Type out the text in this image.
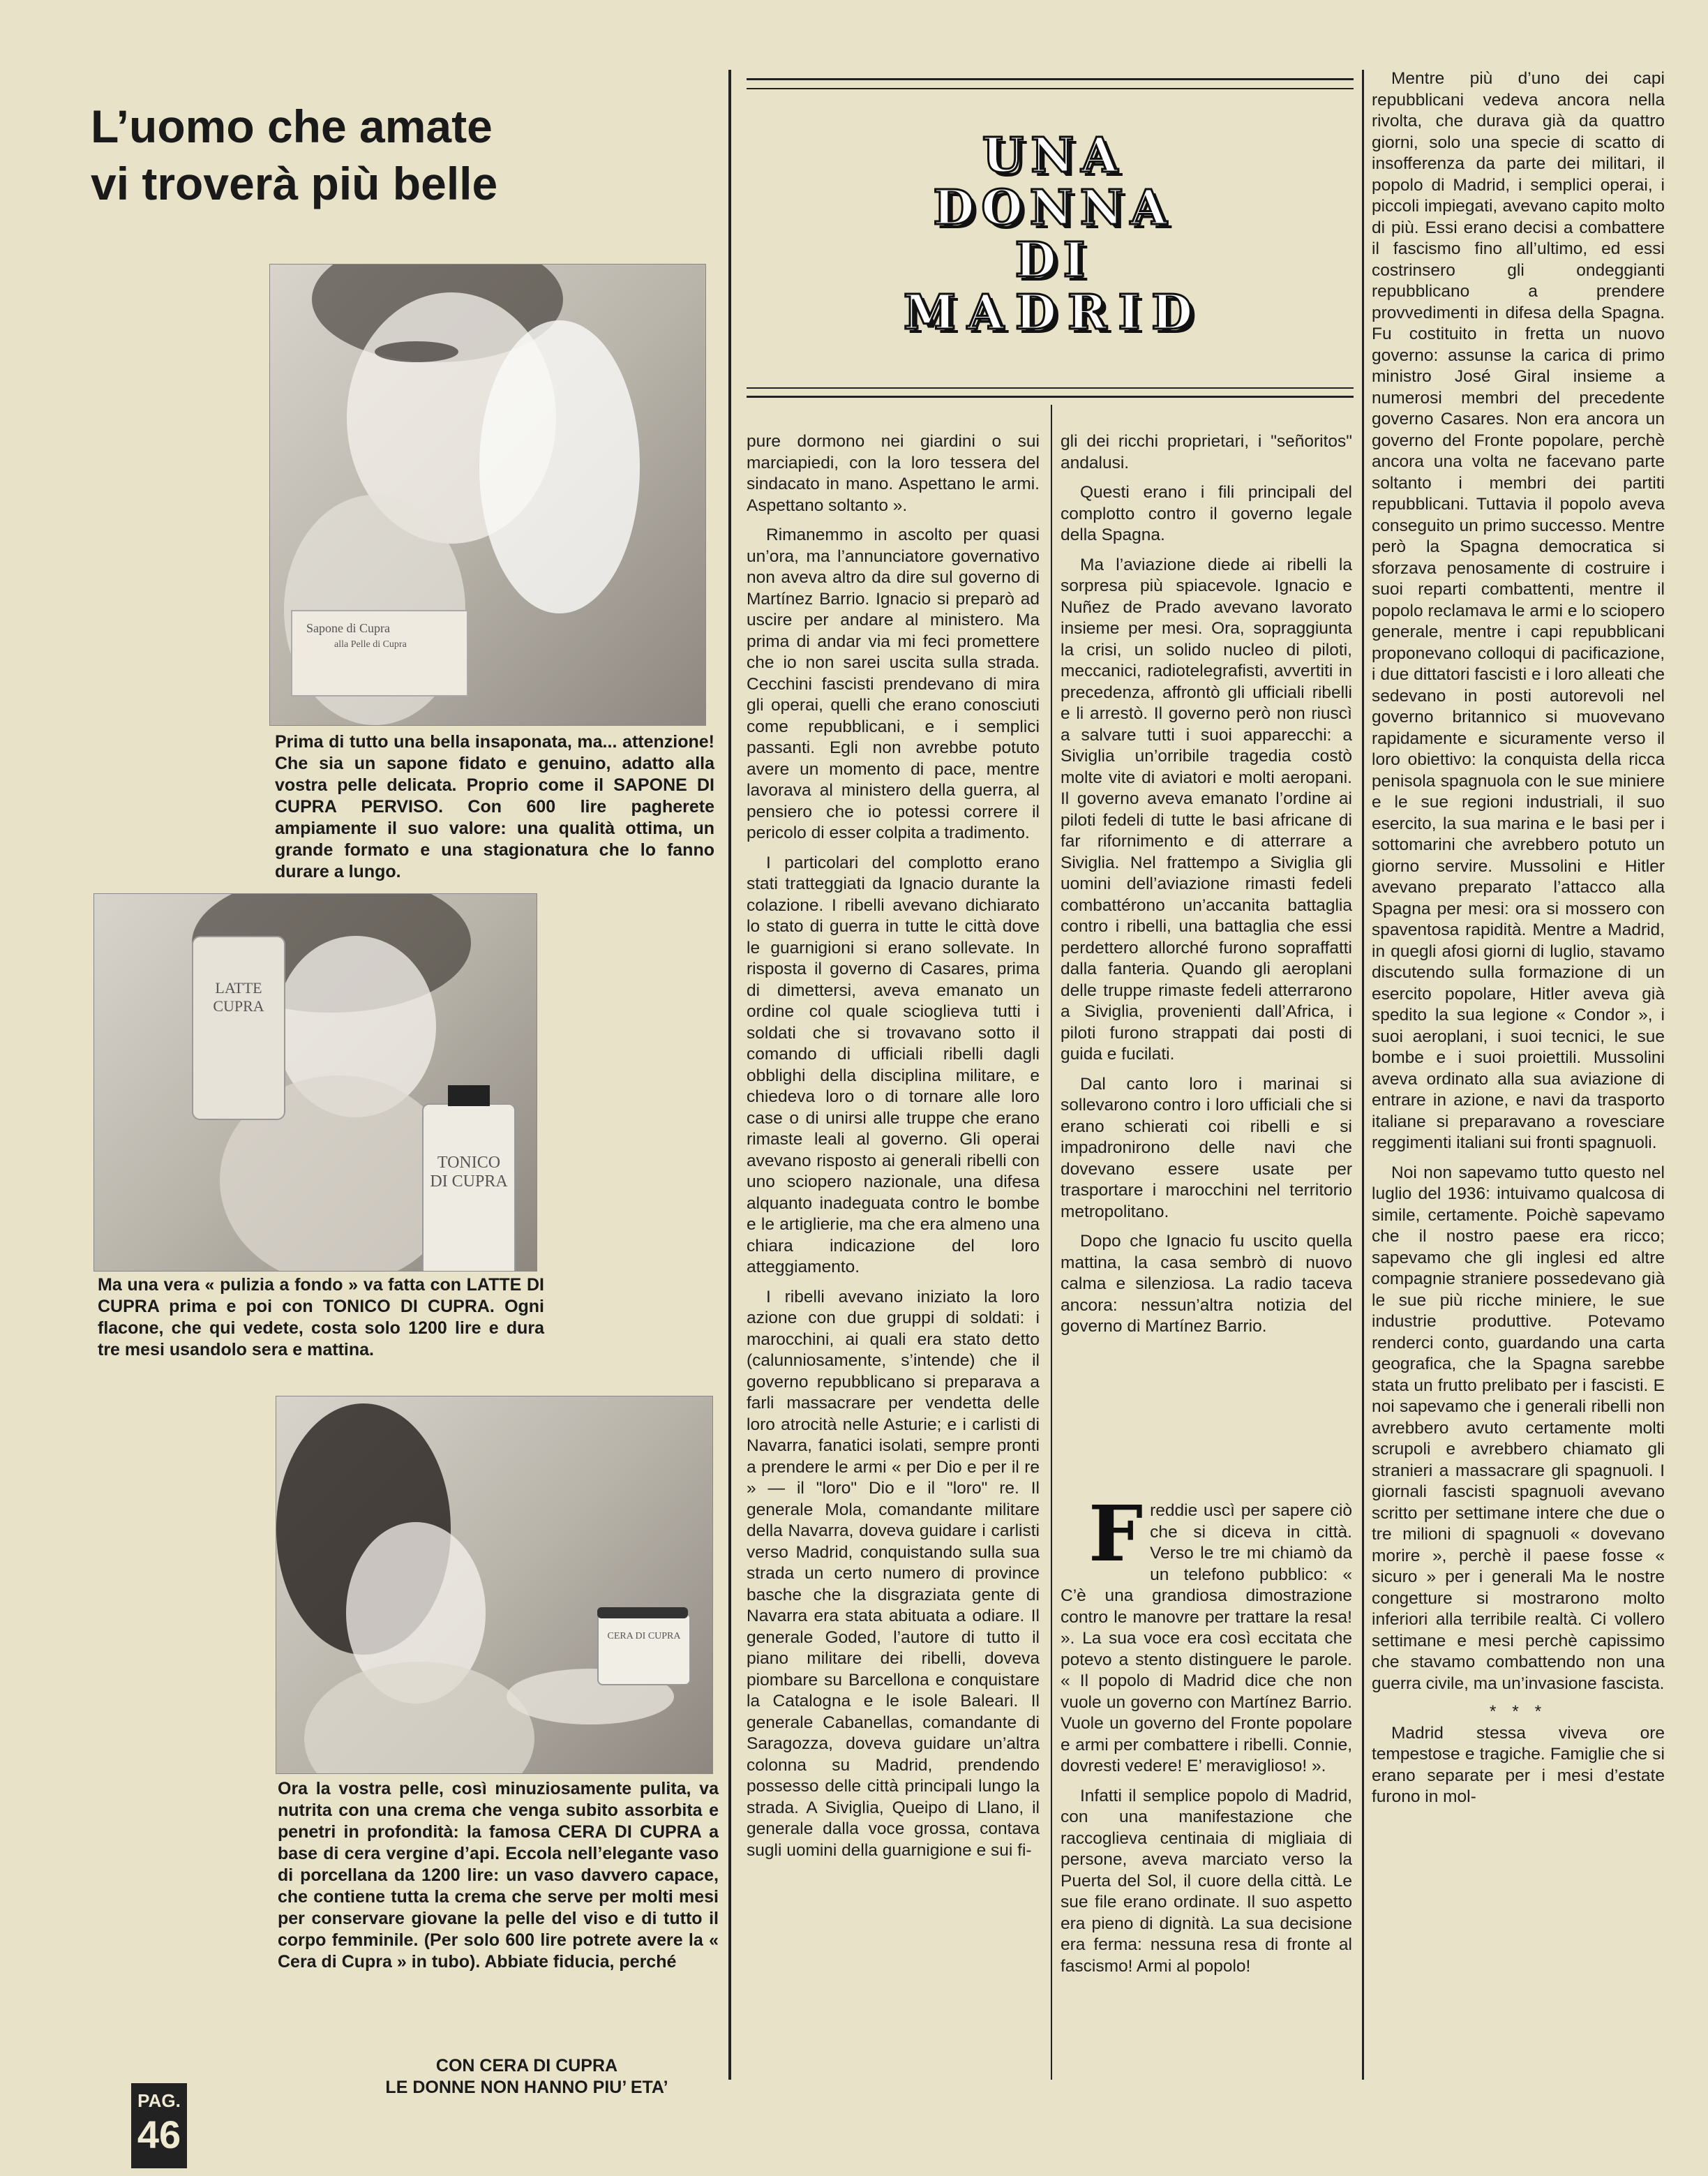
L’uomo che amate
vi troverà più belle
Sapone di Cupra
alla Pelle di Cupra

Prima di tutto una bella insaponata, ma... attenzione! Che sia un sapone fidato e genuino, adatto alla vostra pelle delicata. Proprio come il SAPONE DI CUPRA PERVISO. Con 600 lire pagherete ampiamente il suo valore: una qualità ottima, un grande formato e una stagionatura che lo fanno durare a lungo.

LATTE CUPRA
TONICO DI CUPRA

Ma una vera « pulizia a fondo » va fatta con LATTE DI CUPRA prima e poi con TONICO DI CUPRA. Ogni flacone, che qui vedete, costa solo 1200 lire e dura tre mesi usandolo sera e mattina.

CERA DI CUPRA

Ora la vostra pelle, così minuziosamente pulita, va nutrita con una crema che venga subito assorbita e penetri in profondità: la famosa CERA DI CUPRA a base di cera vergine d’api. Eccola nell’elegante vaso di porcellana da 1200 lire: un vaso davvero capace, che contiene tutta la crema che serve per molti mesi per conservare giovane la pelle del viso e di tutto il corpo femminile. (Per solo 600 lire potrete avere la « Cera di Cupra » in tubo). Abbiate fiducia, perché

CON CERA DI CUPRA
LE DONNE NON HANNO PIU’ ETA’
PAG.
46
UNA
DONNA
DI
MADRID

pure dormono nei giardini o sui marciapiedi, con la loro tessera del sindacato in mano. Aspettano le armi. Aspettano soltanto ».

Rimanemmo in ascolto per quasi un’ora, ma l’annunciatore governativo non aveva altro da dire sul governo di Martínez Barrio. Ignacio si preparò ad uscire per andare al ministero. Ma prima di andar via mi feci promettere che io non sarei uscita sulla strada. Cecchini fascisti prendevano di mira gli operai, quelli che erano conosciuti come repubblicani, e i semplici passanti. Egli non avrebbe potuto avere un momento di pace, mentre lavorava al ministero della guerra, al pensiero che io potessi correre il pericolo di esser colpita a tradimento.

I particolari del complotto erano stati tratteggiati da Ignacio durante la colazione. I ribelli avevano dichiarato lo stato di guerra in tutte le città dove le guarnigioni si erano sollevate. In risposta il governo di Casares, prima di dimettersi, aveva emanato un ordine col quale scioglieva tutti i soldati che si trovavano sotto il comando di ufficiali ribelli dagli obblighi della disciplina militare, e chiedeva loro o di tornare alle loro case o di unirsi alle truppe che erano rimaste leali al governo. Gli operai avevano risposto ai generali ribelli con uno sciopero nazionale, una difesa alquanto inadeguata contro le bombe e le artiglierie, ma che era almeno una chiara indicazione del loro atteggiamento.

I ribelli avevano iniziato la loro azione con due gruppi di soldati: i marocchini, ai quali era stato detto (calunniosamente, s’intende) che il governo repubblicano si preparava a farli massacrare per vendetta delle loro atrocità nelle Asturie; e i carlisti di Navarra, fanatici isolati, sempre pronti a prendere le armi « per Dio e per il re » — il "loro" Dio e il "loro" re. Il generale Mola, comandante militare della Navarra, doveva guidare i carlisti verso Madrid, conquistando sulla sua strada un certo numero di province basche che la disgraziata gente di Navarra era stata abituata a odiare. Il generale Goded, l’autore di tutto il piano militare dei ribelli, doveva piombare su Barcellona e conquistare la Catalogna e le isole Baleari. Il generale Cabanellas, comandante di Saragozza, doveva guidare un’altra colonna su Madrid, prendendo possesso delle città principali lungo la strada. A Siviglia, Queipo di Llano, il generale dalla voce grossa, contava sugli uomini della guarnigione e sui fi-

gli dei ricchi proprietari, i "señoritos" andalusi.

Questi erano i fili principali del complotto contro il governo legale della Spagna.

Ma l’aviazione diede ai ribelli la sorpresa più spiacevole. Ignacio e Nuñez de Prado avevano lavorato insieme per mesi. Ora, sopraggiunta la crisi, un solido nucleo di piloti, meccanici, radiotelegrafisti, avvertiti in precedenza, affrontò gli ufficiali ribelli e li arrestò. Il governo però non riuscì a salvare tutti i suoi apparecchi: a Siviglia un’orribile tragedia costò molte vite di aviatori e molti aeropani. Il governo aveva emanato l’ordine ai piloti fedeli di tutte le basi africane di far rifornimento e di atterrare a Siviglia. Nel frattempo a Siviglia gli uomini dell’aviazione rimasti fedeli combattérono un’accanita battaglia contro i ribelli, una battaglia che essi perdettero allorché furono sopraffatti dalla fanteria. Quando gli aeroplani delle truppe rimaste fedeli atterrarono a Siviglia, provenienti dall’Africa, i piloti furono strappati dai posti di guida e fucilati.

Dal canto loro i marinai si sollevarono contro i loro ufficiali che si erano schierati coi ribelli e si impadronirono delle navi che dovevano essere usate per trasportare i marocchini nel territorio metropolitano.

Dopo che Ignacio fu uscito quella mattina, la casa sembrò di nuovo calma e silenziosa. La radio taceva ancora: nessun’altra notizia del governo di Martínez Barrio.

Freddie uscì per sapere ciò che si diceva in città. Verso le tre mi chiamò da un telefono pubblico: « C’è una grandiosa dimostrazione contro le manovre per trattare la resa! ». La sua voce era così eccitata che potevo a stento distinguere le parole. « Il popolo di Madrid dice che non vuole un governo con Martínez Barrio. Vuole un governo del Fronte popolare e armi per combattere i ribelli. Connie, dovresti vedere! E’ meraviglioso! ».

Infatti il semplice popolo di Madrid, con una manifestazione che raccoglieva centinaia di migliaia di persone, aveva marciato verso la Puerta del Sol, il cuore della città. Le sue file erano ordinate. Il suo aspetto era pieno di dignità. La sua decisione era ferma: nessuna resa di fronte al fascismo! Armi al popolo!

Mentre più d’uno dei capi repubblicani vedeva ancora nella rivolta, che durava già da quattro giorni, solo una specie di scatto di insofferenza da parte dei militari, il popolo di Madrid, i semplici operai, i piccoli impiegati, avevano capito molto di più. Essi erano decisi a combattere il fascismo fino all’ultimo, ed essi costrinsero gli ondeggianti repubblicano a prendere provvedimenti in difesa della Spagna. Fu costituito in fretta un nuovo governo: assunse la carica di primo ministro José Giral insieme a numerosi membri del precedente governo Casares. Non era ancora un governo del Fronte popolare, perchè ancora una volta ne facevano parte soltanto i membri dei partiti repubblicani. Tuttavia il popolo aveva conseguito un primo successo. Mentre però la Spagna democratica si sforzava penosamente di costruire i suoi reparti combattenti, mentre il popolo reclamava le armi e lo sciopero generale, mentre i capi repubblicani proponevano colloqui di pacificazione, i due dittatori fascisti e i loro alleati che sedevano in posti autorevoli nel governo britannico si muovevano rapidamente e sicuramente verso il loro obiettivo: la conquista della ricca penisola spagnuola con le sue miniere e le sue regioni industriali, il suo esercito, la sua marina e le basi per i sottomarini che avrebbero potuto un giorno servire. Mussolini e Hitler avevano preparato l’attacco alla Spagna per mesi: ora si mossero con spaventosa rapidità. Mentre a Madrid, in quegli afosi giorni di luglio, stavamo discutendo sulla formazione di un esercito popolare, Hitler aveva già spedito la sua legione « Condor », i suoi aeroplani, i suoi tecnici, le sue bombe e i suoi proiettili. Mussolini aveva ordinato alla sua aviazione di entrare in azione, e navi da trasporto italiane si preparavano a rovesciare reggimenti italiani sui fronti spagnuoli.

Noi non sapevamo tutto questo nel luglio del 1936: intuivamo qualcosa di simile, certamente. Poichè sapevamo che il nostro paese era ricco; sapevamo che gli inglesi ed altre compagnie straniere possedevano già le sue più ricche miniere, le sue industrie produttive. Potevamo renderci conto, guardando una carta geografica, che la Spagna sarebbe stata un frutto prelibato per i fascisti. E noi sapevamo che i generali ribelli non avrebbero avuto certamente molti scrupoli e avrebbero chiamato gli stranieri a massacrare gli spagnuoli. I giornali fascisti spagnuoli avevano scritto per settimane intere che due o tre milioni di spagnuoli « dovevano morire », perchè il paese fosse « sicuro » per i generali Ma le nostre congetture si mostrarono molto inferiori alla terribile realtà. Ci vollero settimane e mesi perchè capissimo che stavamo combattendo non una guerra civile, ma un’invasione fascista.

* * *

Madrid stessa viveva ore tempestose e tragiche. Famiglie che si erano separate per i mesi d’estate furono in mol-
